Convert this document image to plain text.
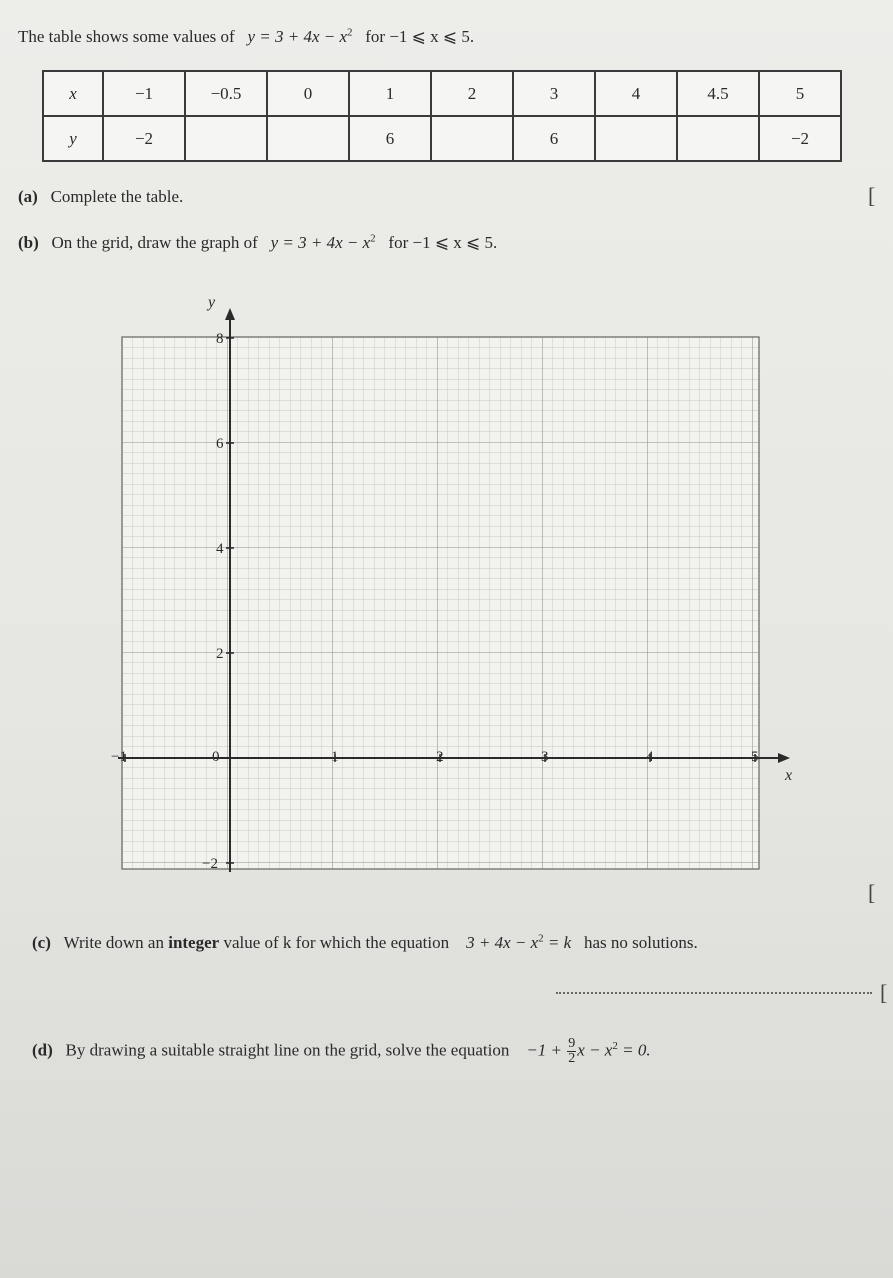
The table shows some values of $y = 3 + 4x - x^2$ for −1 ⩽ x ⩽ 5.
x	−1	−0.5	0	1	2	3	4	4.5	5
y	−2			6		6			−2
(a) Complete the table.	[
(b) On the grid, draw the graph of $y = 3 + 4x - x^2$ for −1 ⩽ x ⩽ 5.
y
x
−1	0	1	2	3	4	5
8
6
4
2
−2
[
(c) Write down an integer value of k for which the equation $3 + 4x - x^2 = k$ has no solutions.
[
(d) By drawing a suitable straight line on the grid, solve the equation $-1 + \frac{9}{2}$ $x - x^2 = 0$.
